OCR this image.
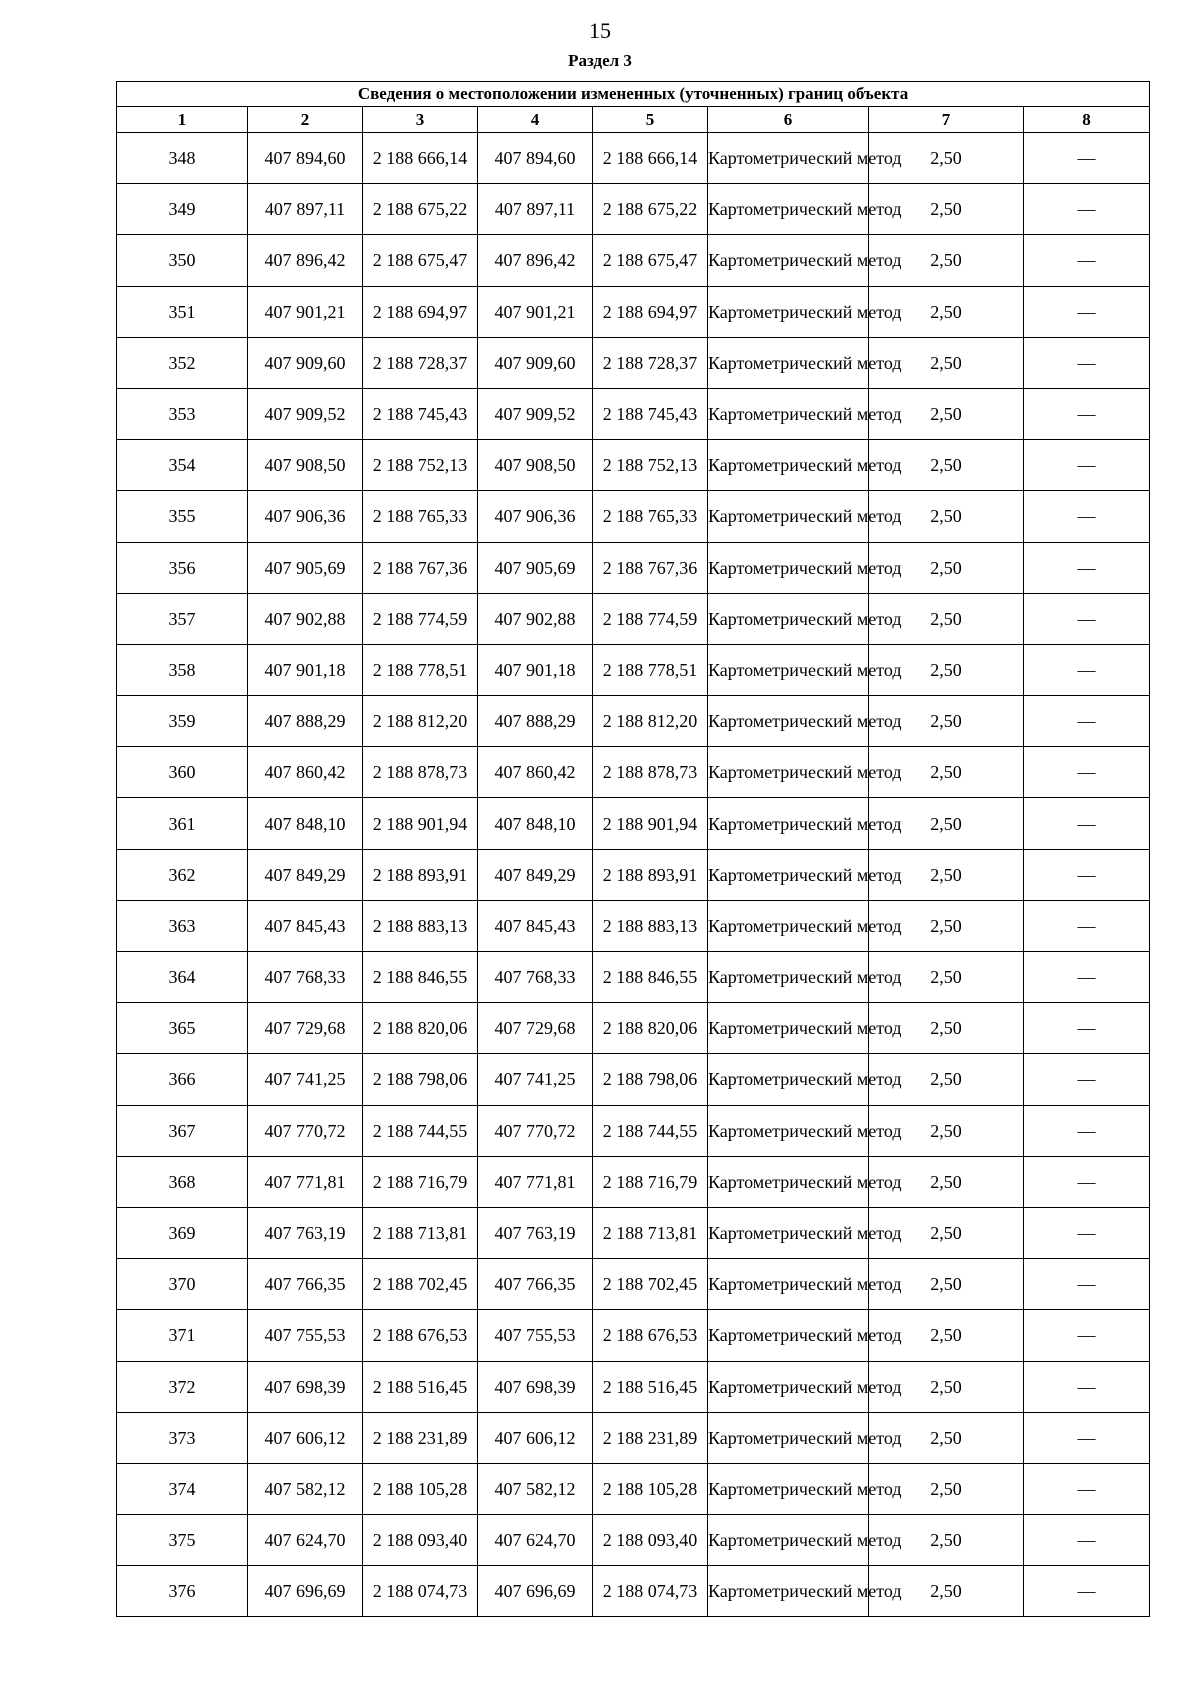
15
Раздел 3
Сведения о местоположении измененных (уточненных) границ объекта							
1	2	3	4	5	6	7	8
348	407 894,60	2 188 666,14	407 894,60	2 188 666,14	Картометрический метод	2,50	—
349	407 897,11	2 188 675,22	407 897,11	2 188 675,22	Картометрический метод	2,50	—
350	407 896,42	2 188 675,47	407 896,42	2 188 675,47	Картометрический метод	2,50	—
351	407 901,21	2 188 694,97	407 901,21	2 188 694,97	Картометрический метод	2,50	—
352	407 909,60	2 188 728,37	407 909,60	2 188 728,37	Картометрический метод	2,50	—
353	407 909,52	2 188 745,43	407 909,52	2 188 745,43	Картометрический метод	2,50	—
354	407 908,50	2 188 752,13	407 908,50	2 188 752,13	Картометрический метод	2,50	—
355	407 906,36	2 188 765,33	407 906,36	2 188 765,33	Картометрический метод	2,50	—
356	407 905,69	2 188 767,36	407 905,69	2 188 767,36	Картометрический метод	2,50	—
357	407 902,88	2 188 774,59	407 902,88	2 188 774,59	Картометрический метод	2,50	—
358	407 901,18	2 188 778,51	407 901,18	2 188 778,51	Картометрический метод	2,50	—
359	407 888,29	2 188 812,20	407 888,29	2 188 812,20	Картометрический метод	2,50	—
360	407 860,42	2 188 878,73	407 860,42	2 188 878,73	Картометрический метод	2,50	—
361	407 848,10	2 188 901,94	407 848,10	2 188 901,94	Картометрический метод	2,50	—
362	407 849,29	2 188 893,91	407 849,29	2 188 893,91	Картометрический метод	2,50	—
363	407 845,43	2 188 883,13	407 845,43	2 188 883,13	Картометрический метод	2,50	—
364	407 768,33	2 188 846,55	407 768,33	2 188 846,55	Картометрический метод	2,50	—
365	407 729,68	2 188 820,06	407 729,68	2 188 820,06	Картометрический метод	2,50	—
366	407 741,25	2 188 798,06	407 741,25	2 188 798,06	Картометрический метод	2,50	—
367	407 770,72	2 188 744,55	407 770,72	2 188 744,55	Картометрический метод	2,50	—
368	407 771,81	2 188 716,79	407 771,81	2 188 716,79	Картометрический метод	2,50	—
369	407 763,19	2 188 713,81	407 763,19	2 188 713,81	Картометрический метод	2,50	—
370	407 766,35	2 188 702,45	407 766,35	2 188 702,45	Картометрический метод	2,50	—
371	407 755,53	2 188 676,53	407 755,53	2 188 676,53	Картометрический метод	2,50	—
372	407 698,39	2 188 516,45	407 698,39	2 188 516,45	Картометрический метод	2,50	—
373	407 606,12	2 188 231,89	407 606,12	2 188 231,89	Картометрический метод	2,50	—
374	407 582,12	2 188 105,28	407 582,12	2 188 105,28	Картометрический метод	2,50	—
375	407 624,70	2 188 093,40	407 624,70	2 188 093,40	Картометрический метод	2,50	—
376	407 696,69	2 188 074,73	407 696,69	2 188 074,73	Картометрический метод	2,50	—
